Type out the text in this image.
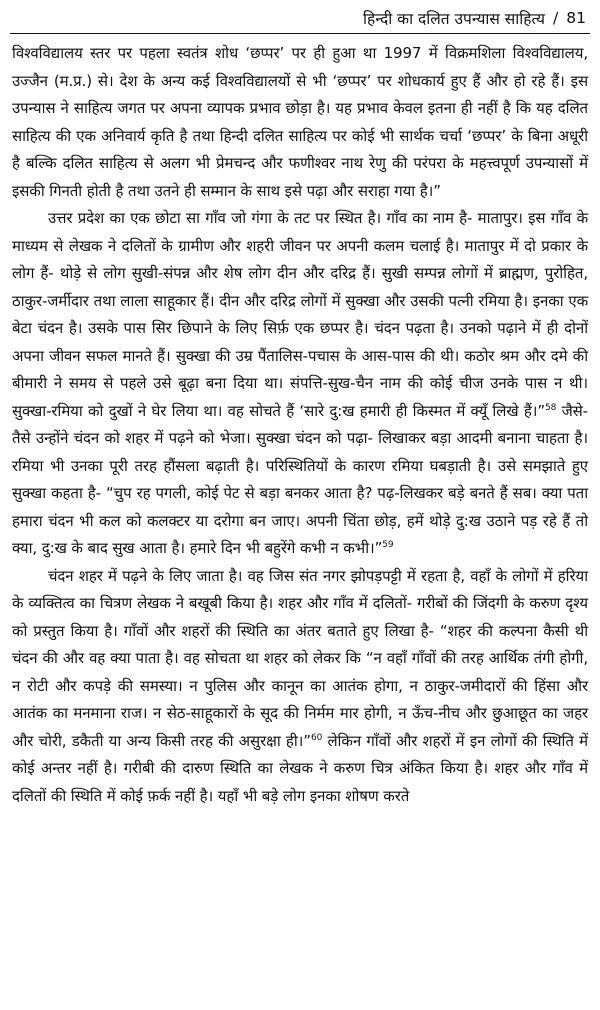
हिन्दी का दलित उपन्यास साहित्य / 81

विश्वविद्यालय स्तर पर पहला स्वतंत्र शोध ‘छप्पर’ पर ही हुआ था 1997 में विक्रमशिला विश्वविद्यालय, उज्जैन (म.प्र.) से। देश के अन्य कई विश्वविद्यालयों से भी ‘छप्पर’ पर शोधकार्य हुए हैं और हो रहे हैं। इस उपन्यास ने साहित्य जगत पर अपना व्यापक प्रभाव छोड़ा है। यह प्रभाव केवल इतना ही नहीं है कि यह दलित साहित्य की एक अनिवार्य कृति है तथा हिन्दी दलित साहित्य पर कोई भी सार्थक चर्चा ‘छप्पर’ के बिना अधूरी है बल्कि दलित साहित्य से अलग भी प्रेमचन्द और फणीश्वर नाथ रेणु की परंपरा के महत्त्वपूर्ण उपन्यासों में इसकी गिनती होती है तथा उतने ही सम्मान के साथ इसे पढ़ा और सराहा गया है।”

उत्तर प्रदेश का एक छोटा सा गाँव जो गंगा के तट पर स्थित है। गाँव का नाम है- मातापुर। इस गाँव के माध्यम से लेखक ने दलितों के ग्रामीण और शहरी जीवन पर अपनी कलम चलाई है। मातापुर में दो प्रकार के लोग हैं- थोड़े से लोग सुखी-संपन्न और शेष लोग दीन और दरिद्र हैं। सुखी सम्पन्न लोगों में ब्राह्मण, पुरोहित, ठाकुर-जर्मीदार तथा लाला साहूकार हैं। दीन और दरिद्र लोगों में सुक्खा और उसकी पत्नी रमिया है। इनका एक बेटा चंदन है। उसके पास सिर छिपाने के लिए सिर्फ़ एक छप्पर है। चंदन पढ़ता है। उनको पढ़ाने में ही दोनों अपना जीवन सफल मानते हैं। सुक्खा की उम्र पैंतालिस-पचास के आस-पास की थी। कठोर श्रम और दमे की बीमारी ने समय से पहले उसे बूढ़ा बना दिया था। संपत्ति-सुख-चैन नाम की कोई चीज उनके पास न थी। सुक्खा-रमिया को दुखों ने घेर लिया था। वह सोचते हैं ‘सारे दु:ख हमारी ही किस्मत में क्यूँ लिखे हैं।”$^{58}$ जैसे-तैसे उन्होंने चंदन को शहर में पढ़ने को भेजा। सुक्खा चंदन को पढ़ा- लिखाकर बड़ा आदमी बनाना चाहता है। रमिया भी उनका पूरी तरह हौंसला बढ़ाती है। परिस्थितियों के कारण रमिया घबड़ाती है। उसे समझाते हुए सुक्खा कहता है- “चुप रह पगली, कोई पेट से बड़ा बनकर आता है? पढ़-लिखकर बड़े बनते हैं सब। क्या पता हमारा चंदन भी कल को कलक्टर या दरोगा बन जाए। अपनी चिंता छोड़, हमें थोड़े दु:ख उठाने पड़ रहे हैं तो क्या, दु:ख के बाद सुख आता है। हमारे दिन भी बहुरेंगे कभी न कभी।”$^{59}$

चंदन शहर में पढ़ने के लिए जाता है। वह जिस संत नगर झोपड़पट्टी में रहता है, वहाँ के लोगों में हरिया के व्यक्तित्व का चित्रण लेखक ने बखूबी किया है। शहर और गाँव में दलितों- गरीबों की जिंदगी के करुण दृश्य को प्रस्तुत किया है। गाँवों और शहरों की स्थिति का अंतर बताते हुए लिखा है- “शहर की कल्पना कैसी थी चंदन की और वह क्या पाता है। वह सोचता था शहर को लेकर कि “न वहाँ गाँवों की तरह आर्थिक तंगी होगी, न रोटी और कपड़े की समस्या। न पुलिस और कानून का आतंक होगा, न ठाकुर-जमीदारों की हिंसा और आतंक का मनमाना राज। न सेठ-साहूकारों के सूद की निर्मम मार होगी, न ऊँच-नीच और छुआछूत का जहर और चोरी, डकैती या अन्य किसी तरह की असुरक्षा ही।”$^{60}$ लेकिन गाँवों और शहरों में इन लोगों की स्थिति में कोई अन्तर नहीं है। गरीबी की दारुण स्थिति का लेखक ने करुण चित्र अंकित किया है। शहर और गाँव में दलितों की स्थिति में कोई फ़र्क नहीं है। यहाँ भी बड़े लोग इनका शोषण करते
